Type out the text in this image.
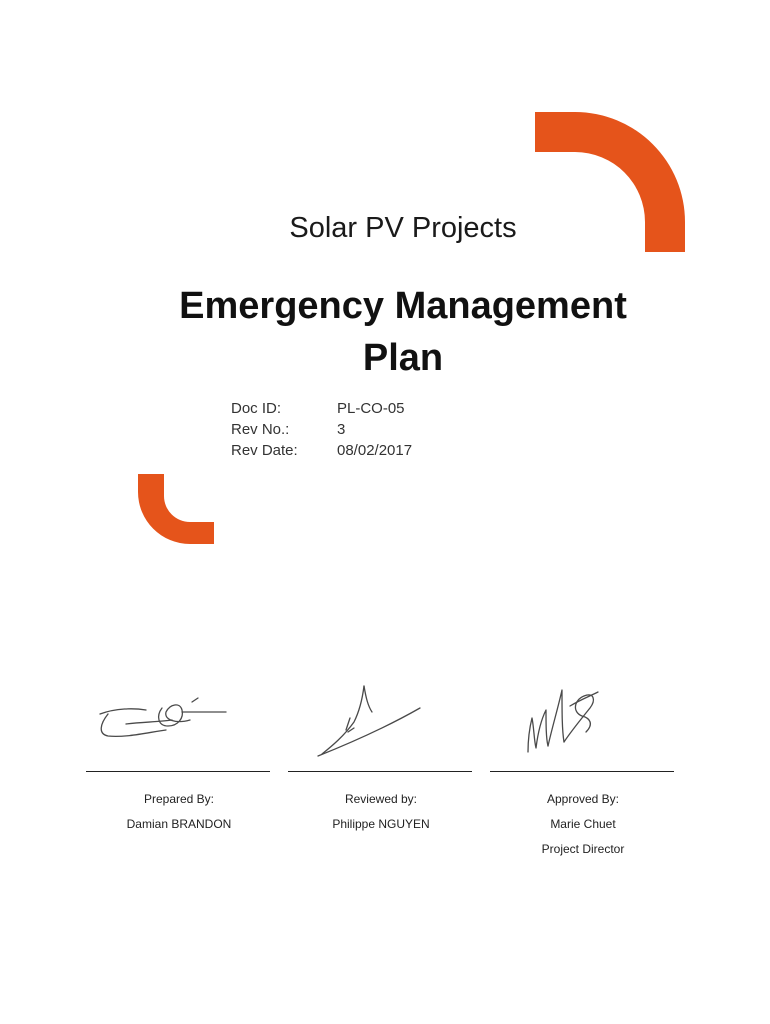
Solar PV Projects
Emergency Management
Plan
Doc ID:	PL-CO-05
Rev No.:	3
Rev Date:	08/02/2017
Prepared By:
Damian BRANDON
Reviewed by:
Philippe NGUYEN
Approved By:
Marie Chuet
Project Director
